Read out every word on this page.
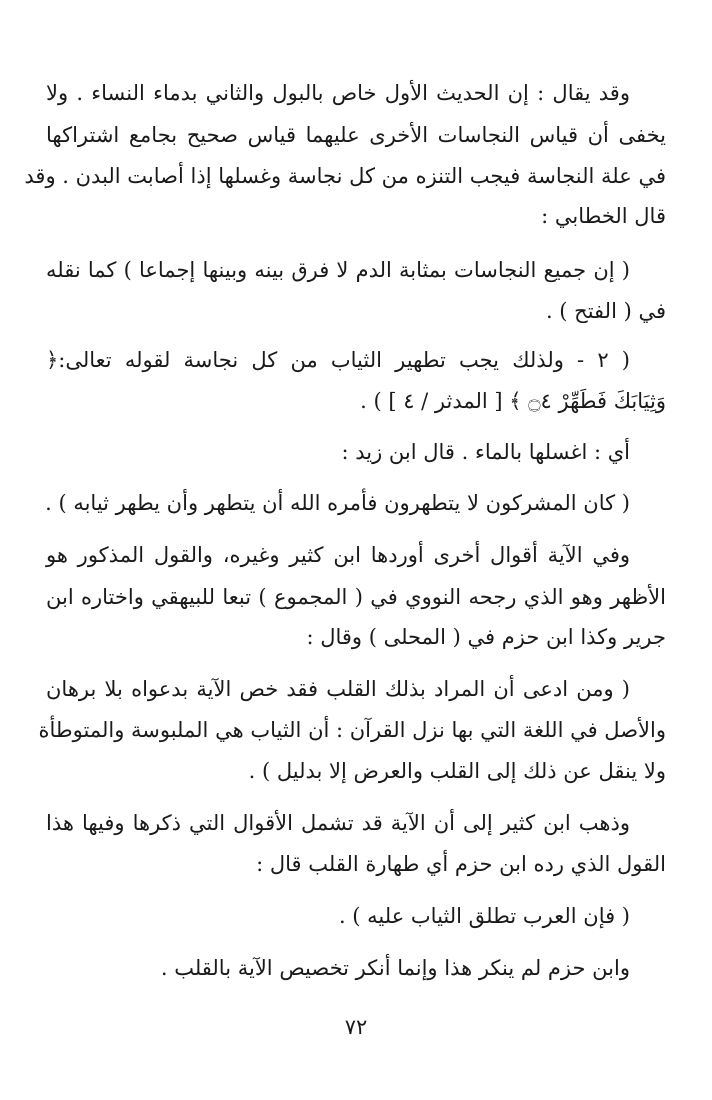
وقد يقال : إن الحديث الأول خاص بالبول والثاني بدماء النساء . ولا
يخفى أن قياس النجاسات الأخرى عليهما قياس صحيح بجامع اشتراكها
في علة النجاسة فيجب التنزه من كل نجاسة وغسلها إذا أصابت البدن . وقد
قال الخطابي :
( إن جميع النجاسات بمثابة الدم لا فرق بينه وبينها إجماعا ) كما نقله
في ( الفتح ) .
( ٢ - ولذلك يجب تطهير الثياب من كل نجاسة لقوله تعالى:﴿
وَثِيَابَكَ فَطَهِّرْ ۝٤ ﴾ [ المدثر / ٤ ] ) .
أي : اغسلها بالماء . قال ابن زيد :
( كان المشركون لا يتطهرون فأمره الله أن يتطهر وأن يطهر ثيابه ) .
وفي الآية أقوال أخرى أوردها ابن كثير وغيره، والقول المذكور هو
الأظهر وهو الذي رجحه النووي في ( المجموع ) تبعا للبيهقي واختاره ابن
جرير وكذا ابن حزم في ( المحلى ) وقال :
( ومن ادعى أن المراد بذلك القلب فقد خص الآية بدعواه بلا برهان
والأصل في اللغة التي بها نزل القرآن : أن الثياب هي الملبوسة والمتوطأة
ولا ينقل عن ذلك إلى القلب والعرض إلا بدليل ) .
وذهب ابن كثير إلى أن الآية قد تشمل الأقوال التي ذكرها وفيها هذا
القول الذي رده ابن حزم أي طهارة القلب قال :
( فإن العرب تطلق الثياب عليه ) .
وابن حزم لم ينكر هذا وإنما أنكر تخصيص الآية بالقلب .
٧٢
